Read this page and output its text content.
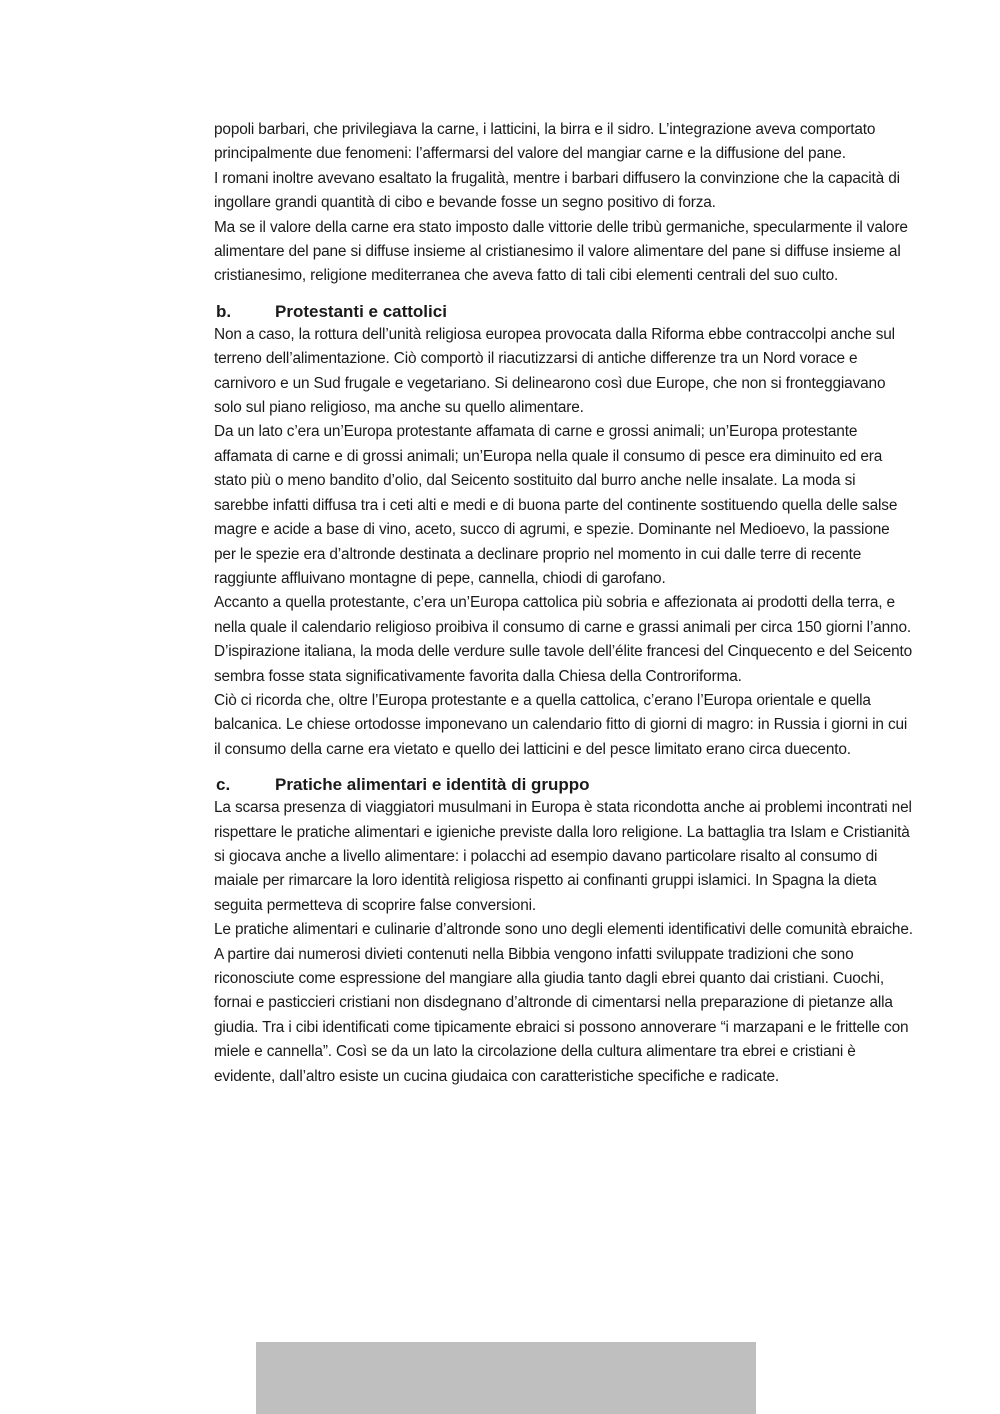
popoli barbari, che privilegiava la carne, i latticini, la birra e il sidro. L’integrazione aveva comportato principalmente due fenomeni: l’affermarsi del valore del mangiar carne e la diffusione del pane.

I romani inoltre avevano esaltato la frugalità, mentre i barbari diffusero la convinzione che la capacità di ingollare grandi quantità di cibo e bevande fosse un segno positivo di forza.

Ma se il valore della carne era stato imposto dalle vittorie delle tribù germaniche, specularmente il valore alimentare del pane si diffuse insieme al cristianesimo il valore alimentare del pane si diffuse insieme al cristianesimo, religione mediterranea che aveva fatto di tali cibi elementi centrali del suo culto.

b.	Protestanti e cattolici

Non a caso, la rottura dell’unità religiosa europea provocata dalla Riforma ebbe contraccolpi anche sul terreno dell’alimentazione. Ciò comportò il riacutizzarsi di antiche differenze tra un Nord vorace e carnivoro e un Sud frugale e vegetariano. Si delinearono così due Europe, che non si fronteggiavano solo sul piano religioso, ma anche su quello alimentare.

Da un lato c’era un’Europa protestante affamata di carne e grossi animali; un’Europa protestante affamata di carne e di grossi animali; un’Europa nella quale il consumo di pesce era diminuito ed era stato più o meno bandito d’olio, dal Seicento sostituito dal burro anche nelle insalate. La moda si sarebbe infatti diffusa tra i ceti alti e medi e di buona parte del continente sostituendo quella delle salse magre e acide a base di vino, aceto, succo di agrumi, e spezie. Dominante nel Medioevo, la passione per le spezie era d’altronde destinata a declinare proprio nel momento in cui dalle terre di recente raggiunte affluivano montagne di pepe, cannella, chiodi di garofano.

Accanto a quella protestante, c’era un’Europa cattolica più sobria e affezionata ai prodotti della terra, e nella quale il calendario religioso proibiva il consumo di carne e grassi animali per circa 150 giorni l’anno. D’ispirazione italiana, la moda delle verdure sulle tavole dell’élite francesi del Cinquecento e del Seicento sembra fosse stata significativamente favorita dalla Chiesa della Controriforma.

Ciò ci ricorda che, oltre l’Europa protestante e a quella cattolica, c’erano l’Europa orientale e quella balcanica. Le chiese ortodosse imponevano un calendario fitto di giorni di magro: in Russia i giorni in cui il consumo della carne era vietato e quello dei latticini e del pesce limitato erano circa duecento.

c.	Pratiche alimentari e identità di gruppo

La scarsa presenza di viaggiatori musulmani in Europa è stata ricondotta anche ai problemi incontrati nel rispettare le pratiche alimentari e igieniche previste dalla loro religione. La battaglia tra Islam e Cristianità si giocava anche a livello alimentare: i polacchi ad esempio davano particolare risalto al consumo di maiale per rimarcare la loro identità religiosa rispetto ai confinanti gruppi islamici. In Spagna la dieta seguita permetteva di scoprire false conversioni.

Le pratiche alimentari e culinarie d’altronde sono uno degli elementi identificativi delle comunità ebraiche. A partire dai numerosi divieti contenuti nella Bibbia vengono infatti sviluppate tradizioni che sono riconosciute come espressione del mangiare alla giudia tanto dagli ebrei quanto dai cristiani. Cuochi, fornai e pasticcieri cristiani non disdegnano d’altronde di cimentarsi nella preparazione di pietanze alla giudia. Tra i cibi identificati come tipicamente ebraici si possono annoverare “i marzapani e le frittelle con miele e cannella”. Così se da un lato la circolazione della cultura alimentare tra ebrei e cristiani è evidente, dall’altro esiste un cucina giudaica con caratteristiche specifiche e radicate.
